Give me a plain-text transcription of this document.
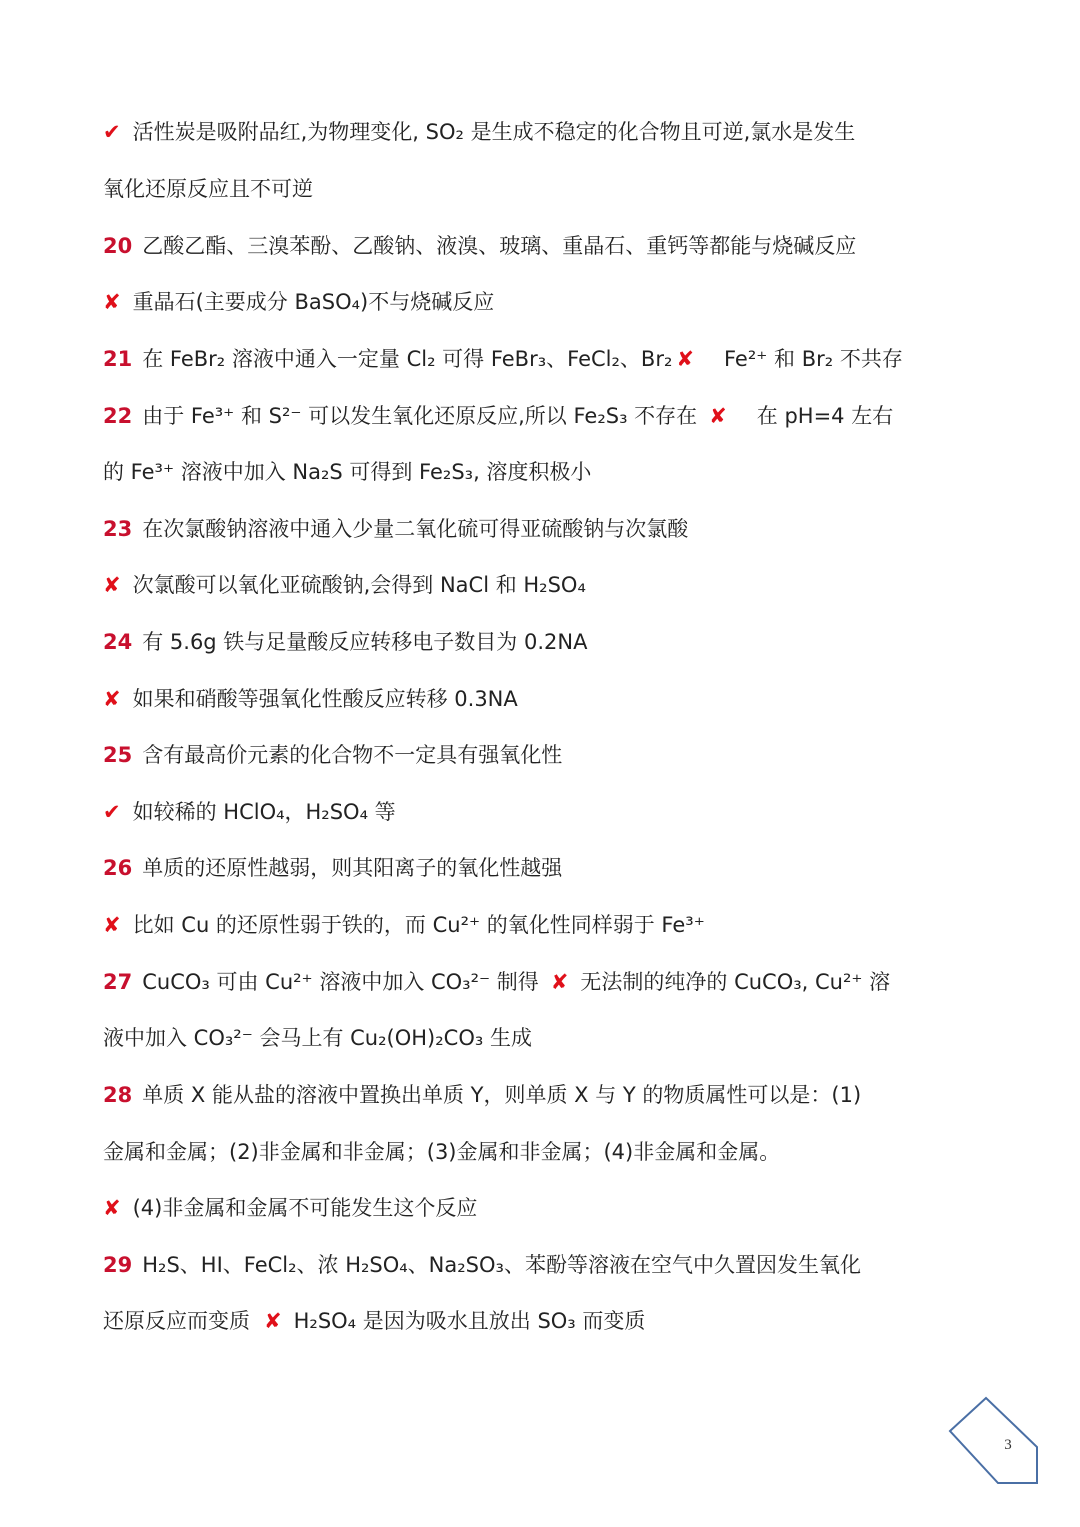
✔ 活性炭是吸附品红,为物理变化, SO₂ 是生成不稳定的化合物且可逆,氯水是发生
氧化还原反应且不可逆
20 乙酸乙酯、三溴苯酚、乙酸钠、液溴、玻璃、重晶石、重钙等都能与烧碱反应
✘ 重晶石(主要成分 BaSO₄)不与烧碱反应
21 在 FeBr₂ 溶液中通入一定量 Cl₂ 可得 FeBr₃、FeCl₂、Br₂ ✘ Fe²⁺ 和 Br₂ 不共存
22 由于 Fe³⁺ 和 S²⁻ 可以发生氧化还原反应,所以 Fe₂S₃ 不存在 ✘ 在 pH=4 左右
的 Fe³⁺ 溶液中加入 Na₂S 可得到 Fe₂S₃, 溶度积极小
23 在次氯酸钠溶液中通入少量二氧化硫可得亚硫酸钠与次氯酸
✘ 次氯酸可以氧化亚硫酸钠,会得到 NaCl 和 H₂SO₄
24 有 5.6g 铁与足量酸反应转移电子数目为 0.2NA
✘ 如果和硝酸等强氧化性酸反应转移 0.3NA
25 含有最高价元素的化合物不一定具有强氧化性
✔ 如较稀的 HClO₄，H₂SO₄ 等
26 单质的还原性越弱，则其阳离子的氧化性越强
✘ 比如 Cu 的还原性弱于铁的，而 Cu²⁺ 的氧化性同样弱于 Fe³⁺
27 CuCO₃ 可由 Cu²⁺ 溶液中加入 CO₃²⁻ 制得 ✘ 无法制的纯净的 CuCO₃, Cu²⁺ 溶
液中加入 CO₃²⁻ 会马上有 Cu₂(OH)₂CO₃ 生成
28 单质 X 能从盐的溶液中置换出单质 Y，则单质 X 与 Y 的物质属性可以是：(1)
金属和金属；(2)非金属和非金属；(3)金属和非金属；(4)非金属和金属。
✘ (4)非金属和金属不可能发生这个反应
29 H₂S、HI、FeCl₂、浓 H₂SO₄、Na₂SO₃、苯酚等溶液在空气中久置因发生氧化
还原反应而变质 ✘ H₂SO₄ 是因为吸水且放出 SO₃ 而变质
3
